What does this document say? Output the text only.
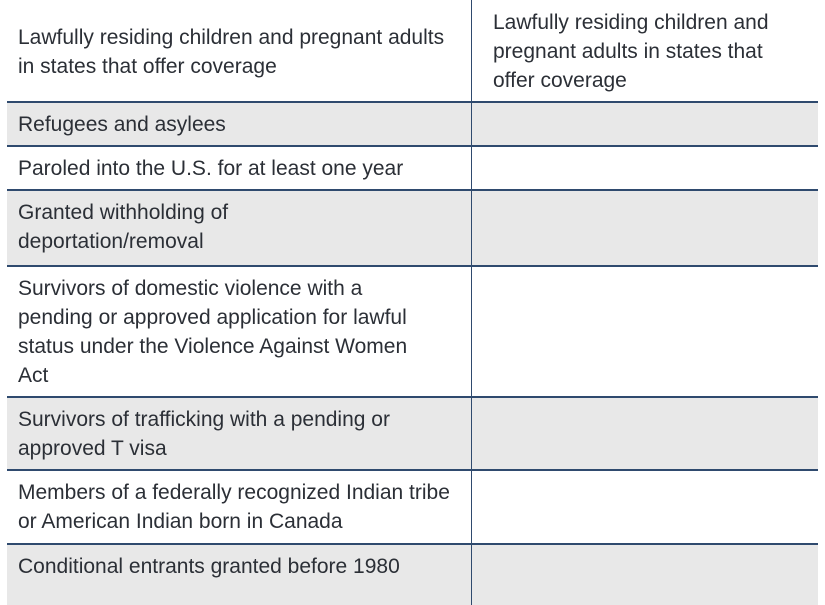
Lawfully residing children and pregnant adults in states that offer coverage
Lawfully residing children and pregnant adults in states that offer coverage
Refugees and asylees
Paroled into the U.S. for at least one year
Granted withholding of deportation/removal
Survivors of domestic violence with a pending or approved application for lawful status under the Violence Against Women Act
Survivors of trafficking with a pending or approved T visa
Members of a federally recognized Indian tribe or American Indian born in Canada
Conditional entrants granted before 1980
